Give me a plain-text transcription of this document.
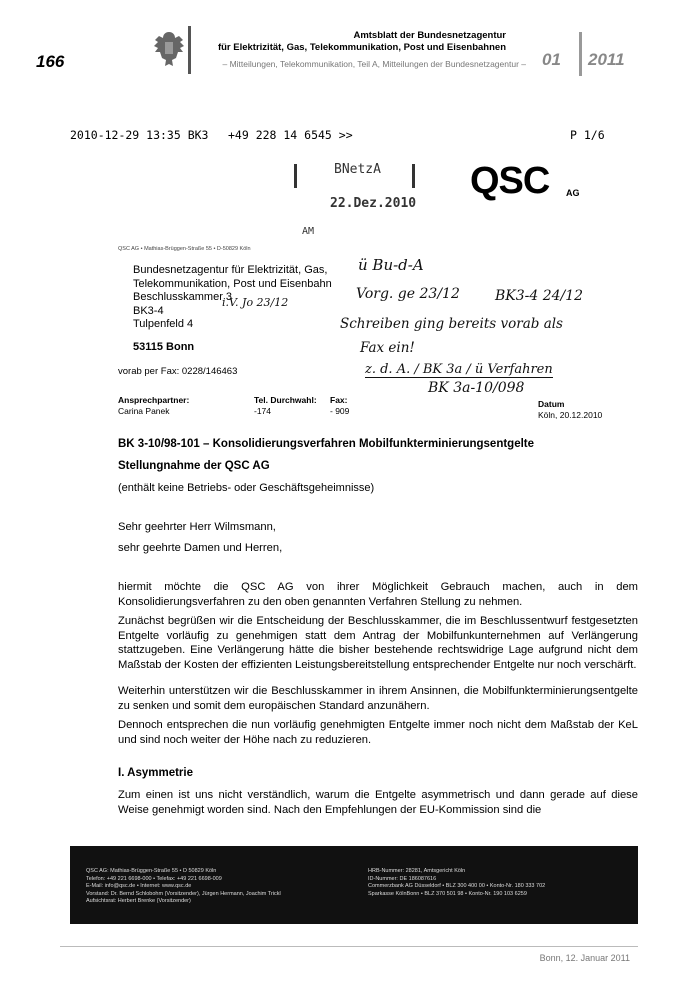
166
Amtsblatt der Bundesnetzagentur
für Elektrizität, Gas, Telekommunikation, Post und Eisenbahnen
– Mitteilungen, Telekommunikation, Teil A, Mitteilungen der Bundesnetzagentur – 01 2011
2010-12-29 13:35 BK3 +49 228 14 6545 >>	P 1/6
BNetzA
22.Dez.2010
AM
QSC AG
QSC AG • Mathias-Brüggen-Straße 55 • D-50829 Köln
Bundesnetzagentur für Elektrizität, Gas,
Telekommunikation, Post und Eisenbahn
Beschlusskammer 3
BK3-4
Tulpenfeld 4
53115 Bonn
ü Bu-d-A
Vorg. ge 23/12	BK3-4 24/12
Schreiben ging bereits vorab als
Fax ein!
z. d. A. / BK 3a / ü Verfahren
BK 3a-10/098
i.V. Jo 23/12
vorab per Fax: 0228/146463
Ansprechpartner:
Carina Panek
Tel. Durchwahl:
-174
Fax:
- 909
Datum
Köln, 20.12.2010
BK 3-10/98-101 – Konsolidierungsverfahren Mobilfunkterminierungsentgelte
Stellungnahme der QSC AG
(enthält keine Betriebs- oder Geschäftsgeheimnisse)
Sehr geehrter Herr Wilmsmann,
sehr geehrte Damen und Herren,
hiermit möchte die QSC AG von ihrer Möglichkeit Gebrauch machen, auch in dem Konsolidierungsverfahren zu den oben genannten Verfahren Stellung zu nehmen.
Zunächst begrüßen wir die Entscheidung der Beschlusskammer, die im Beschlussentwurf festgesetzten Entgelte vorläufig zu genehmigen statt dem Antrag der Mobilfunkunternehmen auf Verlängerung stattzugeben. Eine Verlängerung hätte die bisher bestehende rechtswidrige Lage aufgrund nicht dem Maßstab der Kosten der effizienten Leistungsbereitstellung entsprechender Entgelte nur noch verschärft.
Weiterhin unterstützen wir die Beschlusskammer in ihrem Ansinnen, die Mobilfunkterminierungsentgelte zu senken und somit dem europäischen Standard anzunähern.
Dennoch entsprechen die nun vorläufig genehmigten Entgelte immer noch nicht dem Maßstab der KeL und sind noch weiter der Höhe nach zu reduzieren.
I. Asymmetrie
Zum einen ist uns nicht verständlich, warum die Entgelte asymmetrisch und dann gerade auf diese Weise genehmigt worden sind. Nach den Empfehlungen der EU-Kommission sind die
QSC AG: Mathias-Brüggen-Straße 55 • D 50829 Köln
Telefon: +49 221 6698-000 • Telefax: +49 221 6698-009
E-Mail: info@qsc.de • Internet: www.qsc.de
Vorstand: Dr. Bernd Schlobohm (Vorsitzender), Jürgen Hermann, Joachim Trickl
Aufsichtsrat: Herbert Brenke (Vorsitzender)
HRB-Nummer: 28281, Amtsgericht Köln
ID-Nummer: DE 186087616
Commerzbank AG Düsseldorf • BLZ 300 400 00 • Konto-Nr. 180 333 702
Sparkasse KölnBonn • BLZ 370 501 98 • Konto-Nr. 190 103 6259
Bonn, 12. Januar 2011
